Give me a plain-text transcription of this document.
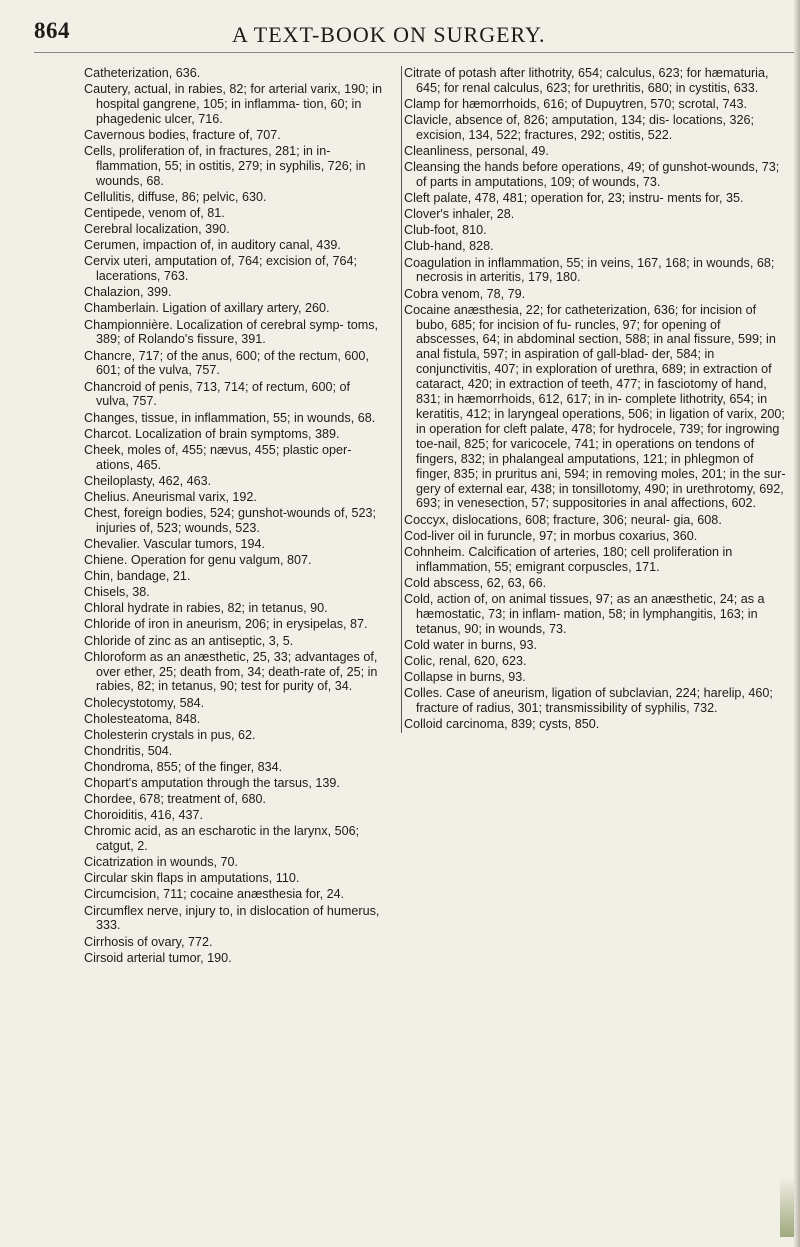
864	A TEXT-BOOK ON SURGERY.

Catheterization, 636.

Cautery, actual, in rabies, 82; for arterial varix, 190; in hospital gangrene, 105; in inflamma- tion, 60; in phagedenic ulcer, 716.

Cavernous bodies, fracture of, 707.

Cells, proliferation of, in fractures, 281; in in- flammation, 55; in ostitis, 279; in syphilis, 726; in wounds, 68.

Cellulitis, diffuse, 86; pelvic, 630.

Centipede, venom of, 81.

Cerebral localization, 390.

Cerumen, impaction of, in auditory canal, 439.

Cervix uteri, amputation of, 764; excision of, 764; lacerations, 763.

Chalazion, 399.

Chamberlain. Ligation of axillary artery, 260.

Championnière. Localization of cerebral symp- toms, 389; of Rolando's fissure, 391.

Chancre, 717; of the anus, 600; of the rectum, 600, 601; of the vulva, 757.

Chancroid of penis, 713, 714; of rectum, 600; of vulva, 757.

Changes, tissue, in inflammation, 55; in wounds, 68.

Charcot. Localization of brain symptoms, 389.

Cheek, moles of, 455; nævus, 455; plastic oper- ations, 465.

Cheiloplasty, 462, 463.

Chelius. Aneurismal varix, 192.

Chest, foreign bodies, 524; gunshot-wounds of, 523; injuries of, 523; wounds, 523.

Chevalier. Vascular tumors, 194.

Chiene. Operation for genu valgum, 807.

Chin, bandage, 21.

Chisels, 38.

Chloral hydrate in rabies, 82; in tetanus, 90.

Chloride of iron in aneurism, 206; in erysipelas, 87.

Chloride of zinc as an antiseptic, 3, 5.

Chloroform as an anæsthetic, 25, 33; advantages of, over ether, 25; death from, 34; death-rate of, 25; in rabies, 82; in tetanus, 90; test for purity of, 34.

Cholecystotomy, 584.

Cholesteatoma, 848.

Cholesterin crystals in pus, 62.

Chondritis, 504.

Chondroma, 855; of the finger, 834.

Chopart's amputation through the tarsus, 139.

Chordee, 678; treatment of, 680.

Choroiditis, 416, 437.

Chromic acid, as an escharotic in the larynx, 506; catgut, 2.

Cicatrization in wounds, 70.

Circular skin flaps in amputations, 110.

Circumcision, 711; cocaine anæsthesia for, 24.

Circumflex nerve, injury to, in dislocation of humerus, 333.

Cirrhosis of ovary, 772.

Cirsoid arterial tumor, 190.

Citrate of potash after lithotrity, 654; calculus, 623; for hæmaturia, 645; for renal calculus, 623; for urethritis, 680; in cystitis, 633.

Clamp for hæmorrhoids, 616; of Dupuytren, 570; scrotal, 743.

Clavicle, absence of, 826; amputation, 134; dis- locations, 326; excision, 134, 522; fractures, 292; ostitis, 522.

Cleanliness, personal, 49.

Cleansing the hands before operations, 49; of gunshot-wounds, 73; of parts in amputations, 109; of wounds, 73.

Cleft palate, 478, 481; operation for, 23; instru- ments for, 35.

Clover's inhaler, 28.

Club-foot, 810.

Club-hand, 828.

Coagulation in inflammation, 55; in veins, 167, 168; in wounds, 68; necrosis in arteritis, 179, 180.

Cobra venom, 78, 79.

Cocaine anæsthesia, 22; for catheterization, 636; for incision of bubo, 685; for incision of fu- runcles, 97; for opening of abscesses, 64; in abdominal section, 588; in anal fissure, 599; in anal fistula, 597; in aspiration of gall-blad- der, 584; in conjunctivitis, 407; in exploration of urethra, 689; in extraction of cataract, 420; in extraction of teeth, 477; in fasciotomy of hand, 831; in hæmorrhoids, 612, 617; in in- complete lithotrity, 654; in keratitis, 412; in laryngeal operations, 506; in ligation of varix, 200; in operation for cleft palate, 478; for hydrocele, 739; for ingrowing toe-nail, 825; for varicocele, 741; in operations on tendons of fingers, 832; in phalangeal amputations, 121; in phlegmon of finger, 835; in pruritus ani, 594; in removing moles, 201; in the sur- gery of external ear, 438; in tonsillotomy, 490; in urethrotomy, 692, 693; in venesection, 57; suppositories in anal affections, 602.

Coccyx, dislocations, 608; fracture, 306; neural- gia, 608.

Cod-liver oil in furuncle, 97; in morbus coxarius, 360.

Cohnheim. Calcification of arteries, 180; cell proliferation in inflammation, 55; emigrant corpuscles, 171.

Cold abscess, 62, 63, 66.

Cold, action of, on animal tissues, 97; as an anæsthetic, 24; as a hæmostatic, 73; in inflam- mation, 58; in lymphangitis, 163; in tetanus, 90; in wounds, 73.

Cold water in burns, 93.

Colic, renal, 620, 623.

Collapse in burns, 93.

Colles. Case of aneurism, ligation of subclavian, 224; harelip, 460; fracture of radius, 301; transmissibility of syphilis, 732.

Colloid carcinoma, 839; cysts, 850.
